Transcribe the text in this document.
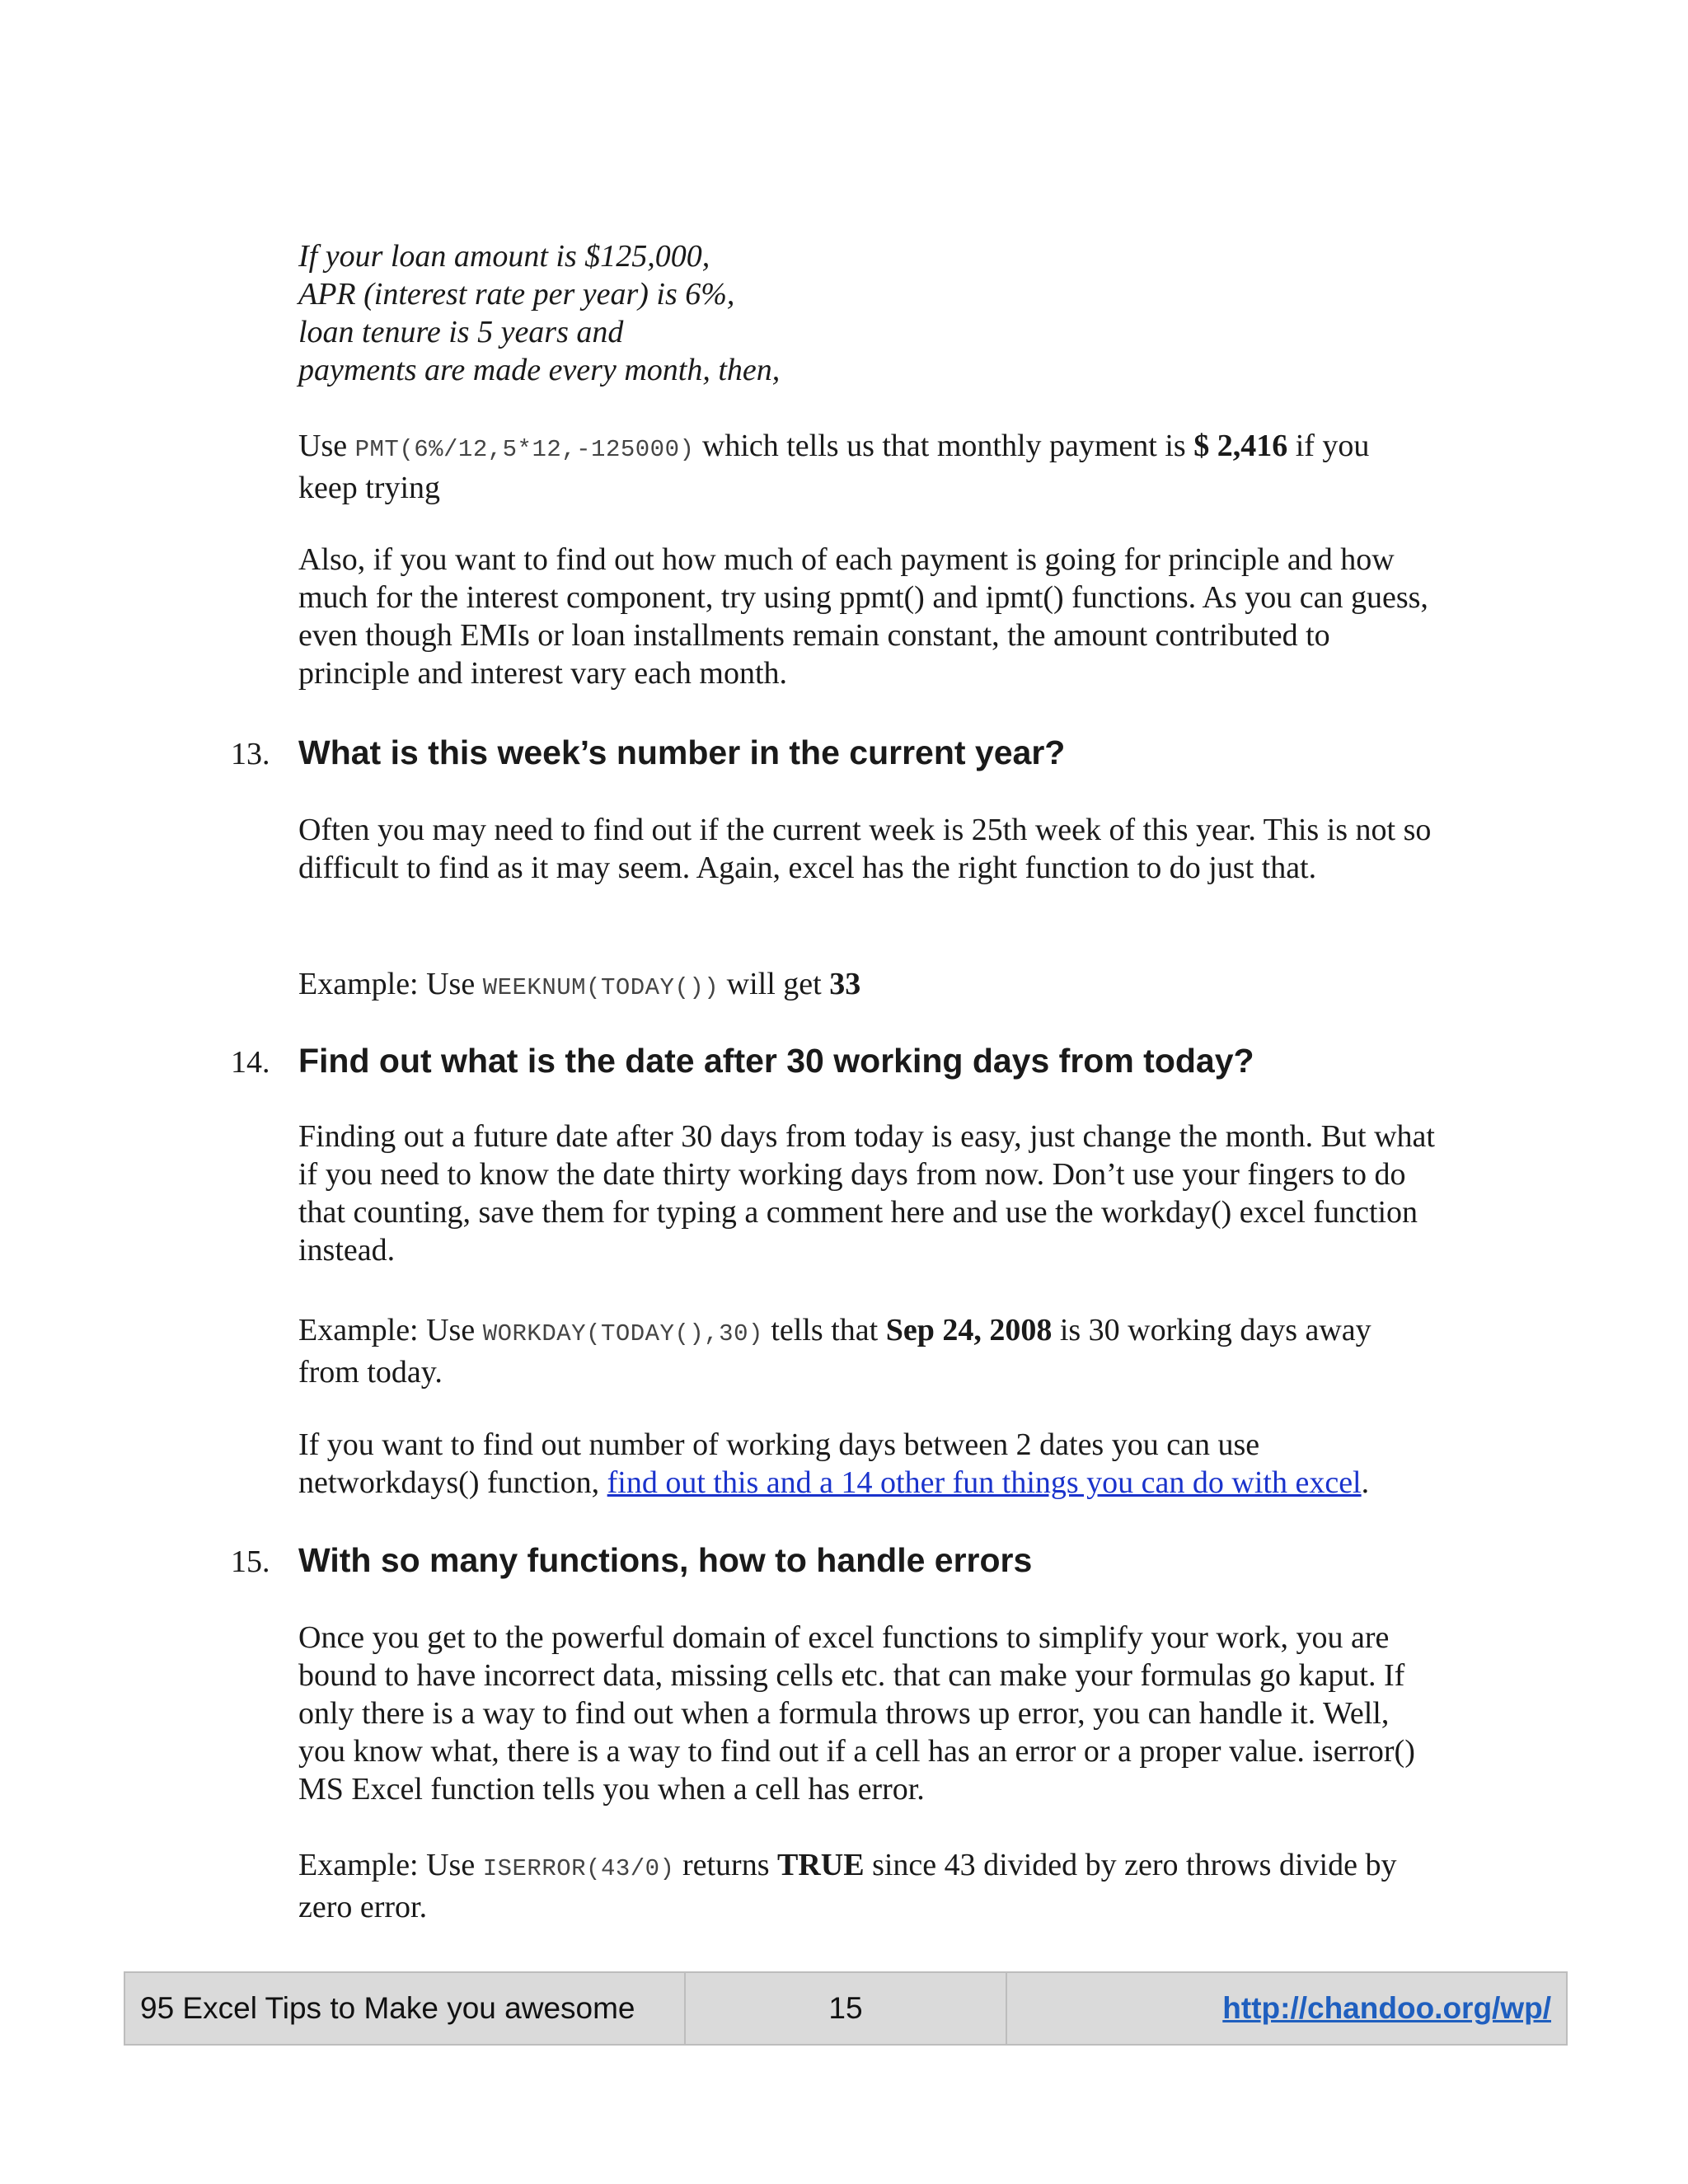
If your loan amount is $125,000,
APR (interest rate per year) is 6%,
loan tenure is 5 years and
payments are made every month, then,

Use PMT(6%/12,5*12,-125000) which tells us that monthly payment is $ 2,416 if you keep trying

Also, if you want to find out how much of each payment is going for principle and how much for the interest component, try using ppmt() and ipmt() functions. As you can guess, even though EMIs or loan installments remain constant, the amount contributed to principle and interest vary each month.

13. What is this week’s number in the current year?

Often you may need to find out if the current week is 25th week of this year. This is not so difficult to find as it may seem. Again, excel has the right function to do just that.

Example: Use WEEKNUM(TODAY()) will get 33

14. Find out what is the date after 30 working days from today?

Finding out a future date after 30 days from today is easy, just change the month. But what if you need to know the date thirty working days from now. Don’t use your fingers to do that counting, save them for typing a comment here and use the workday() excel function instead.

Example: Use WORKDAY(TODAY(),30) tells that Sep 24, 2008 is 30 working days away from today.

If you want to find out number of working days between 2 dates you can use networkdays() function, find out this and a 14 other fun things you can do with excel.

15. With so many functions, how to handle errors

Once you get to the powerful domain of excel functions to simplify your work, you are bound to have incorrect data, missing cells etc. that can make your formulas go kaput. If only there is a way to find out when a formula throws up error, you can handle it. Well, you know what, there is a way to find out if a cell has an error or a proper value. iserror() MS Excel function tells you when a cell has error.

Example: Use ISERROR(43/0) returns TRUE since 43 divided by zero throws divide by zero error.

95 Excel Tips to Make you awesome	15	http://chandoo.org/wp/
